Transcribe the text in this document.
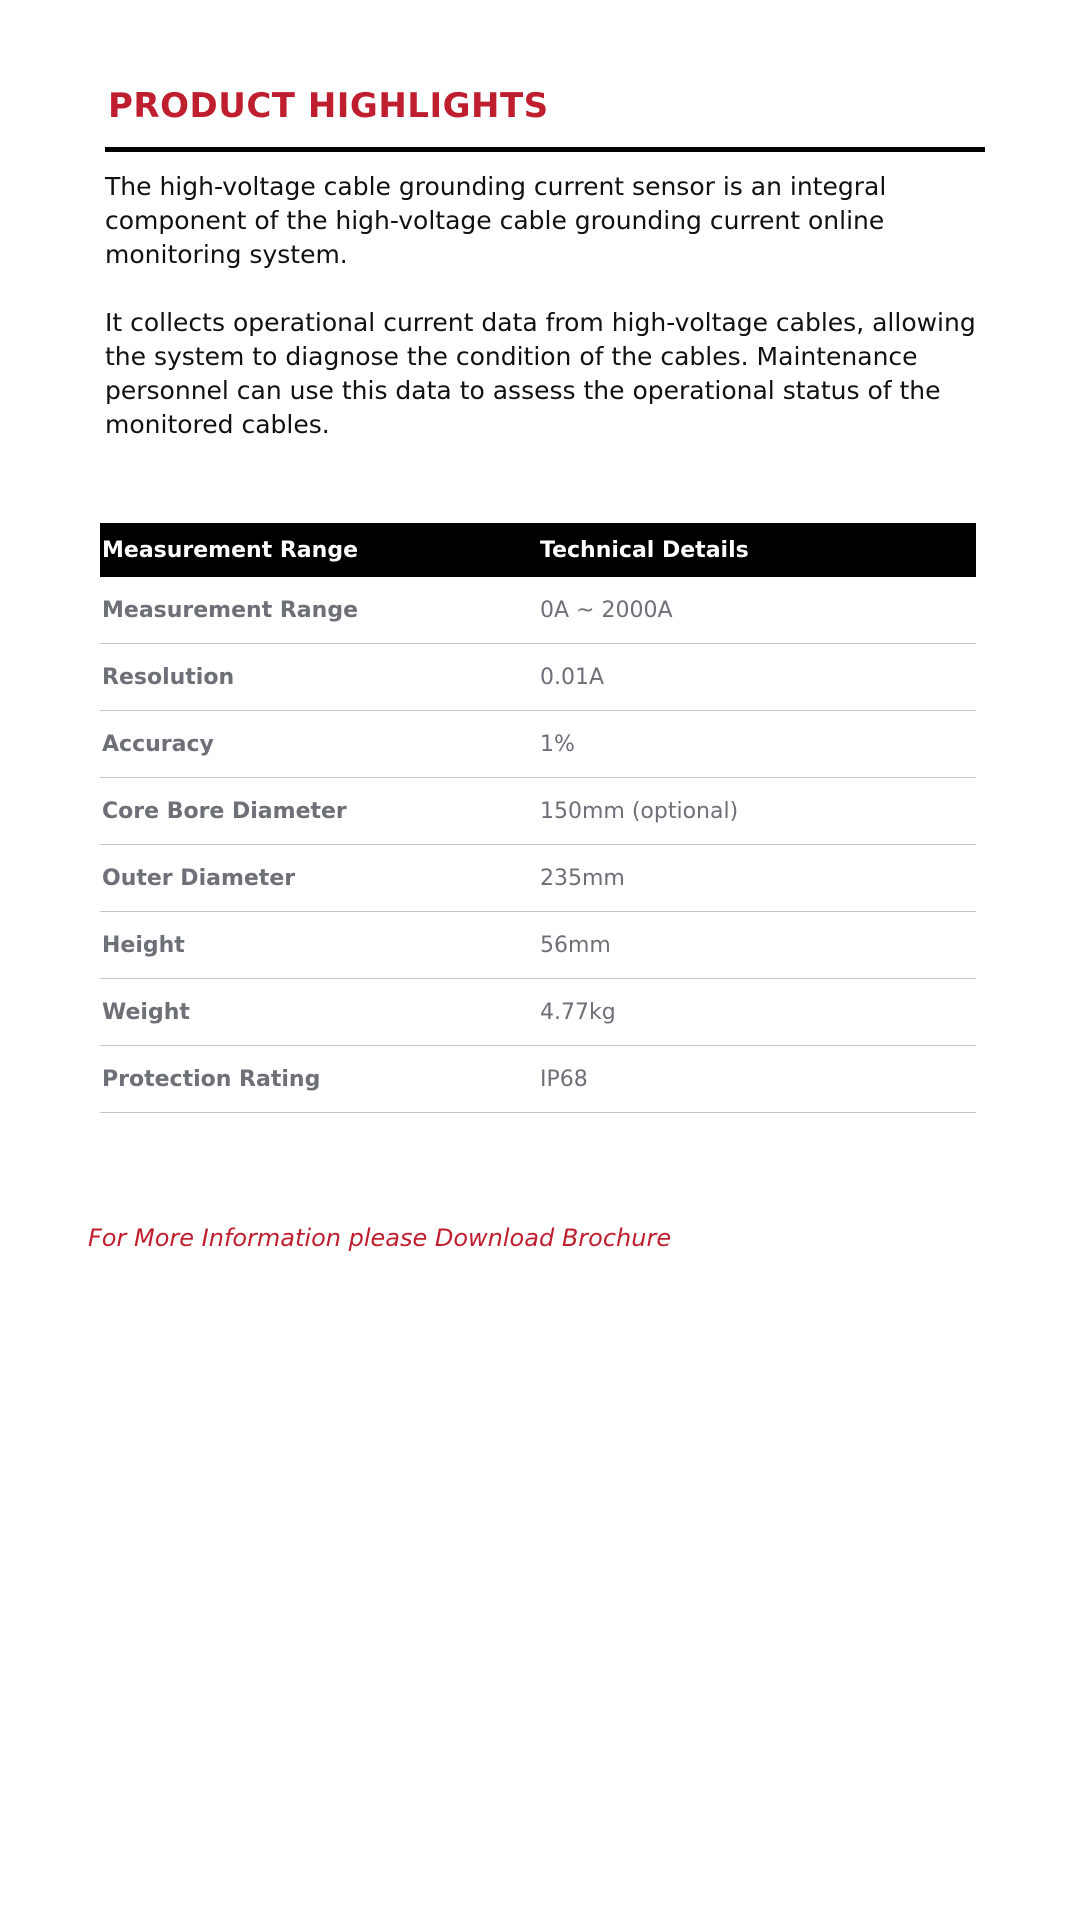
PRODUCT HIGHLIGHTS

The high-voltage cable grounding current sensor is an integral component of the high-voltage cable grounding current online monitoring system.

It collects operational current data from high-voltage cables, allowing the system to diagnose the condition of the cables. Maintenance personnel can use this data to assess the operational status of the monitored cables.

Measurement Range	Technical Details
Measurement Range	0A ~ 2000A
Resolution	0.01A
Accuracy	1%
Core Bore Diameter	150mm (optional)
Outer Diameter	235mm
Height	56mm
Weight	4.77kg
Protection Rating	IP68
For More Information please Download Brochure
